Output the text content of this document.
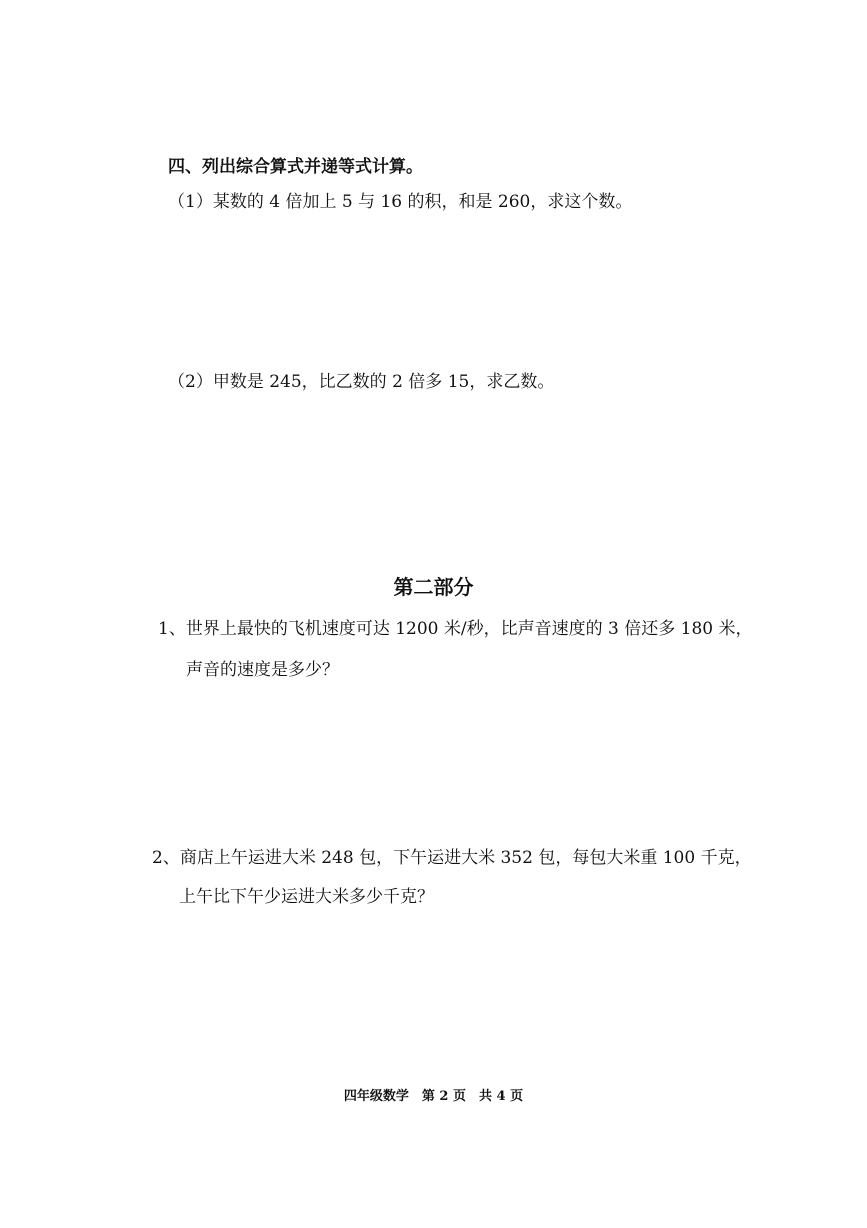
四、列出综合算式并递等式计算。
（1）某数的 4 倍加上 5 与 16 的积，和是 260，求这个数。
（2）甲数是 245，比乙数的 2 倍多 15，求乙数。
第二部分
1、世界上最快的飞机速度可达 1200 米/秒，比声音速度的 3 倍还多 180 米，
声音的速度是多少？
2、商店上午运进大米 248 包，下午运进大米 352 包，每包大米重 100 千克，
上午比下午少运进大米多少千克？
四年级数学　第 2 页　共 4 页
